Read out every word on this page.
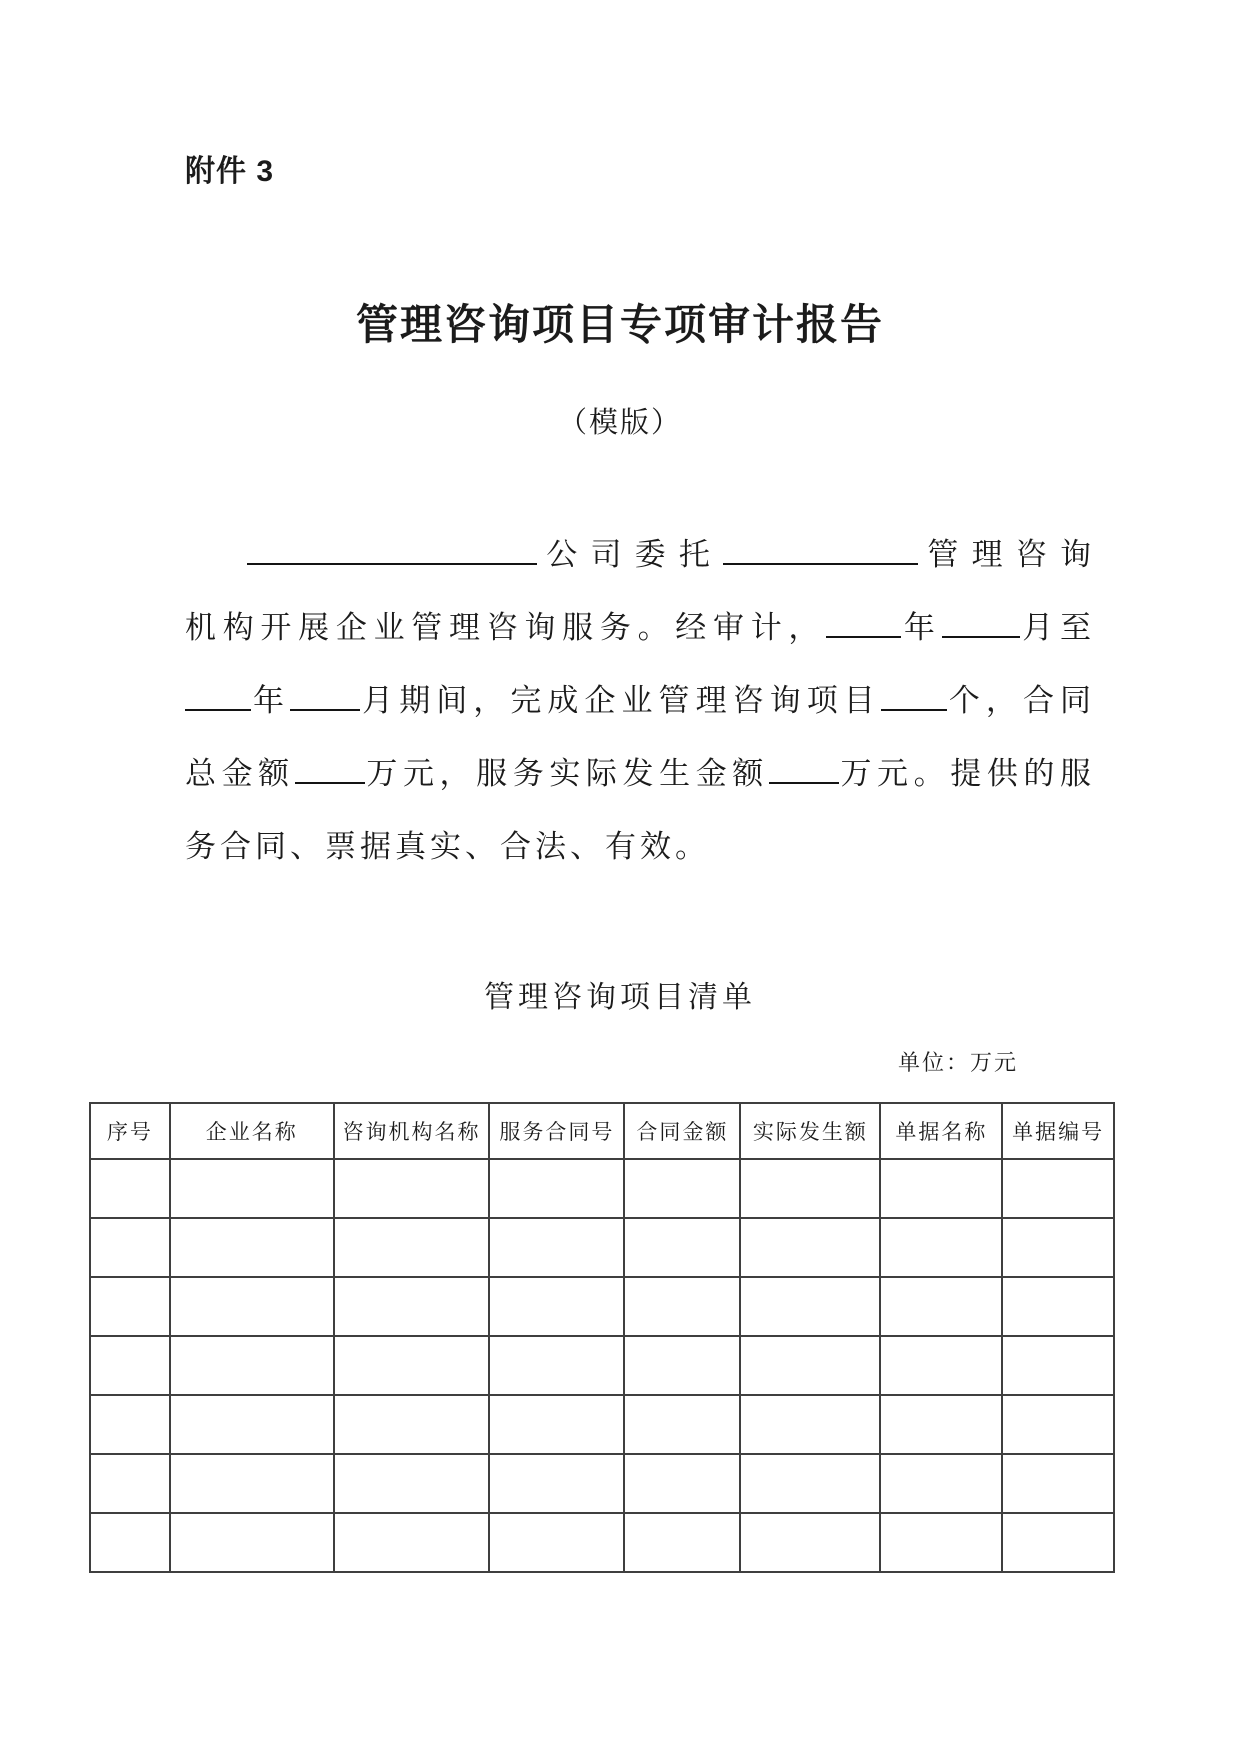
附件 3
管理咨询项目专项审计报告
（模版）
公司委托	管理咨询
机构开展企业管理咨询服务。经审计， 年	月至
年 月期间，完成企业管理咨询项目 个，合同
总金额 万元，服务实际发生金额 万元。提供的服
务合同、票据真实、合法、有效。
管理咨询项目清单
单位：万元
序号	企业名称	咨询机构名称	服务合同号	合同金额	实际发生额	单据名称	单据编号
